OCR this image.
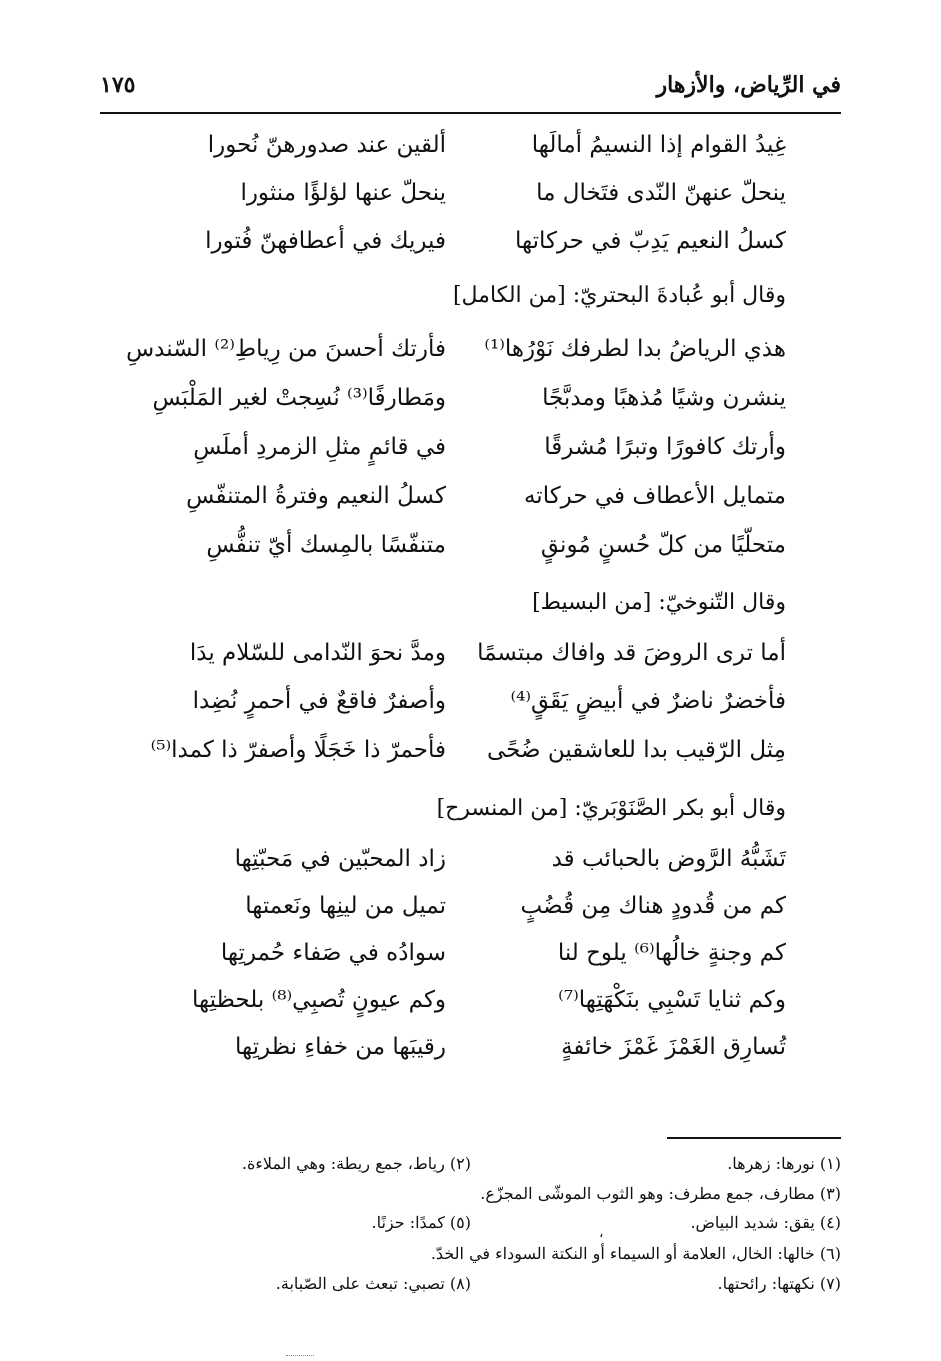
في الرِّياض، والأزهار
١٧٥
غِيدُ القوام إذا النسيمُ أمالَها
ألقين عند صدورهنّ نُحورا
ينحلّ عنهنّ النّدى فتَخال ما
ينحلّ عنها لؤلؤًا منثورا
كسلُ النعيم يَدِبّ في حركاتها
فيريك في أعطافهنّ فُتورا
وقال أبو عُبادةَ البحتريّ: [من الكامل]
هذي الرياضُ بدا لطرفك نَوْرُها⁽¹⁾
فأرتك أحسنَ من رِياطِ⁽²⁾ السّندسِ
ينشرن وشيًا مُذهبًا ومدبَّجًا
ومَطارفًا⁽³⁾ نُسِجتْ لغير المَلْبَسِ
وأرتك كافورًا وتبرًا مُشرقًا
في قائمٍ مثلِ الزمردِ أملَسِ
متمايل الأعطاف في حركاته
كسلُ النعيم وفترةُ المتنفّسِ
متحلّيًا من كلّ حُسنٍ مُونقٍ
متنفّسًا بالمِسك أيّ تنفُّسِ
وقال التّنوخيّ: [من البسيط]
أما ترى الروضَ قد وافاك مبتسمًا
ومدَّ نحوَ النّدامى للسّلام يدَا
فأخضرٌ ناضرٌ في أبيضٍ يَقَقٍ⁽⁴⁾
وأصفرٌ فاقعٌ في أحمرٍ نُضِدا
مِثل الرّقيب بدا للعاشقين ضُحًى
فأحمرّ ذا خَجَلًا وأصفرّ ذا كمدا⁽⁵⁾
وقال أبو بكر الصَّنَوْبَريّ: [من المنسرح]
تَشَبُّهُ الرَّوض بالحبائب قد
زاد المحبّين في مَحبّتِها
كم من قُدودٍ هناك مِن قُضُبٍ
تميل من لينِها ونَعمتها
كم وجنةٍ خالُها⁽⁶⁾ يلوح لنا
سوادُه في صَفاء حُمرتِها
وكم ثنايا تَسْبِي بنَكْهَتِها⁽⁷⁾
وكم عيونٍ تُصبِي⁽⁸⁾ بلحظتِها
تُسارِق الغَمْزَ غَمْزَ خائفةٍ
رقيبَها من خفاءِ نظرتِها
(١) نورها: زهرها.
(٢) رياط، جمع ريطة: وهي الملاءة.
(٣) مطارف، جمع مطرف: وهو الثوب الموشّى المجزّع.
(٤) يقق: شديد البياض.
،
(٥) كمدًا: حزنًا.
(٦) خالها: الخال، العلامة أو السيماء أو النكتة السوداء في الخدّ.
(٧) نكهتها: رائحتها.
(٨) تصبي: تبعث على الصّبابة.
